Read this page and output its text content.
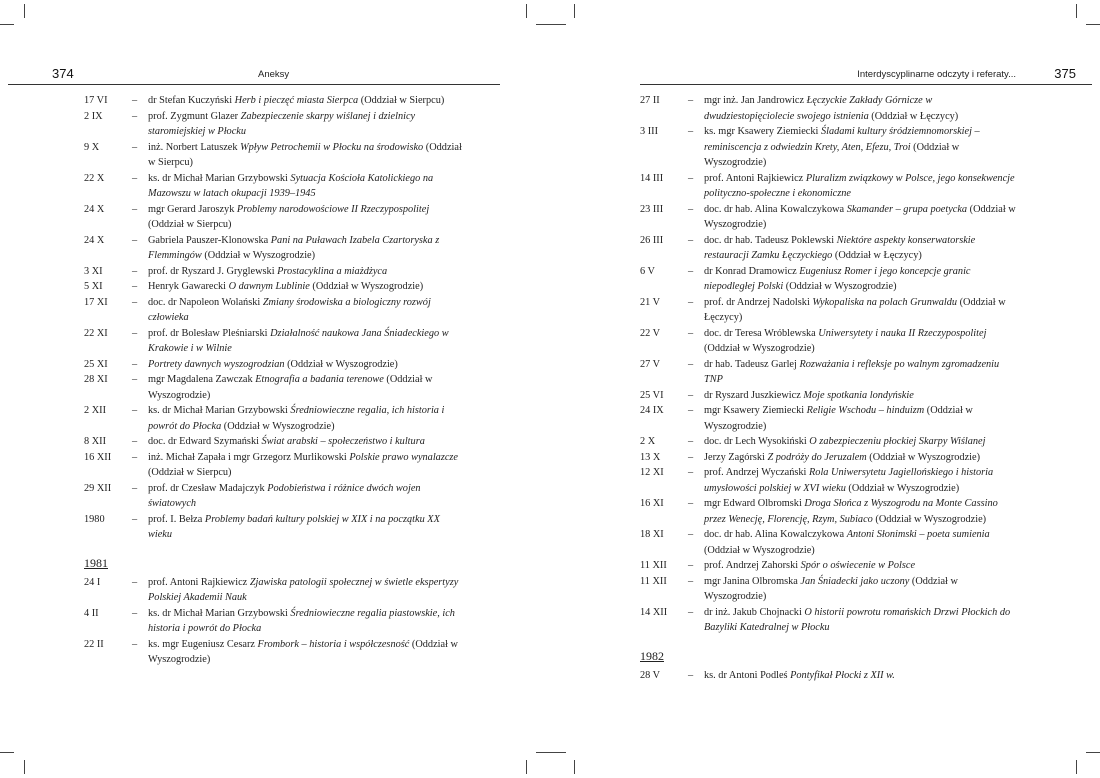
374	Aneksy
17 VI	–	dr Stefan Kuczyński Herb i pieczęć miasta Sierpca (Oddział w Sierpcu)
2 IX	–	prof. Zygmunt Glazer Zabezpieczenie skarpy wiślanej i dzielnicy staromiejskiej w Płocku
9 X	–	inż. Norbert Latuszek Wpływ Petrochemii w Płocku na środowisko (Oddział w Sierpcu)
22 X	–	ks. dr Michał Marian Grzybowski Sytuacja Kościoła Katolickiego na Mazowszu w latach okupacji 1939–1945
24 X	–	mgr Gerard Jaroszyk Problemy narodowościowe II Rzeczypospolitej (Oddział w Sierpcu)
24 X	–	Gabriela Pauszer-Klonowska Pani na Puławach Izabela Czartoryska z Flemmingów (Oddział w Wyszogrodzie)
3 XI	–	prof. dr Ryszard J. Gryglewski Prostacyklina a miażdżyca
5 XI	–	Henryk Gawarecki O dawnym Lublinie (Oddział w Wyszogrodzie)
17 XI	–	doc. dr Napoleon Wolański Zmiany środowiska a biologiczny rozwój człowieka
22 XI	–	prof. dr Bolesław Pleśniarski Działalność naukowa Jana Śniadeckiego w Krakowie i w Wilnie
25 XI	–	Portrety dawnych wyszogrodzian (Oddział w Wyszogrodzie)
28 XI	–	mgr Magdalena Zawczak Etnografia a badania terenowe (Oddział w Wyszogrodzie)
2 XII	–	ks. dr Michał Marian Grzybowski Średniowieczne regalia, ich historia i powrót do Płocka (Oddział w Wyszogrodzie)
8 XII	–	doc. dr Edward Szymański Świat arabski – społeczeństwo i kultura
16 XII	–	inż. Michał Zapała i mgr Grzegorz Murlikowski Polskie prawo wynalazcze (Oddział w Sierpcu)
29 XII	–	prof. dr Czesław Madajczyk Podobieństwa i różnice dwóch wojen światowych
1980	–	prof. I. Bełza Problemy badań kultury polskiej w XIX i na początku XX wieku
1981
24 I	–	prof. Antoni Rajkiewicz Zjawiska patologii społecznej w świetle ekspertyzy Polskiej Akademii Nauk
4 II	–	ks. dr Michał Marian Grzybowski Średniowieczne regalia piastowskie, ich historia i powrót do Płocka
22 II	–	ks. mgr Eugeniusz Cesarz Frombork – historia i współczesność (Oddział w Wyszogrodzie)
Interdyscyplinarne odczyty i referaty...	375
27 II	–	mgr inż. Jan Jandrowicz Łęczyckie Zakłady Górnicze w dwudziestopięciolecie swojego istnienia (Oddział w Łęczycy)
3 III	–	ks. mgr Ksawery Ziemiecki Śladami kultury śródziemnomorskiej – reminiscencja z odwiedzin Krety, Aten, Efezu, Troi (Oddział w Wyszogrodzie)
14 III	–	prof. Antoni Rajkiewicz Pluralizm związkowy w Polsce, jego konsekwencje polityczno-społeczne i ekonomiczne
23 III	–	doc. dr hab. Alina Kowalczykowa Skamander – grupa poetycka (Oddział w Wyszogrodzie)
26 III	–	doc. dr hab. Tadeusz Poklewski Niektóre aspekty konserwatorskie restauracji Zamku Łęczyckiego (Oddział w Łęczycy)
6 V	–	dr Konrad Dramowicz Eugeniusz Romer i jego koncepcje granic niepodległej Polski (Oddział w Wyszogrodzie)
21 V	–	prof. dr Andrzej Nadolski Wykopaliska na polach Grunwaldu (Oddział w Łęczycy)
22 V	–	doc. dr Teresa Wróblewska Uniwersytety i nauka II Rzeczypospolitej (Oddział w Wyszogrodzie)
27 V	–	dr hab. Tadeusz Garlej Rozważania i refleksje po walnym zgromadzeniu TNP
25 VI	–	dr Ryszard Juszkiewicz Moje spotkania londyńskie
24 IX	–	mgr Ksawery Ziemiecki Religie Wschodu – hinduizm (Oddział w Wyszogrodzie)
2 X	–	doc. dr Lech Wysokiński O zabezpieczeniu płockiej Skarpy Wiślanej
13 X	–	Jerzy Zagórski Z podróży do Jeruzalem (Oddział w Wyszogrodzie)
12 XI	–	prof. Andrzej Wyczański Rola Uniwersytetu Jagiellońskiego i historia umysłowości polskiej w XVI wieku (Oddział w Wyszogrodzie)
16 XI	–	mgr Edward Olbromski Droga Słońca z Wyszogrodu na Monte Cassino przez Wenecję, Florencję, Rzym, Subiaco (Oddział w Wyszogrodzie)
18 XI	–	doc. dr hab. Alina Kowalczykowa Antoni Słonimski – poeta sumienia (Oddział w Wyszogrodzie)
11 XII	–	prof. Andrzej Zahorski Spór o oświecenie w Polsce
11 XII	–	mgr Janina Olbromska Jan Śniadecki jako uczony (Oddział w Wyszogrodzie)
14 XII	–	dr inż. Jakub Chojnacki O historii powrotu romańskich Drzwi Płockich do Bazyliki Katedralnej w Płocku
1982
28 V	–	ks. dr Antoni Podleś Pontyfikał Płocki z XII w.
